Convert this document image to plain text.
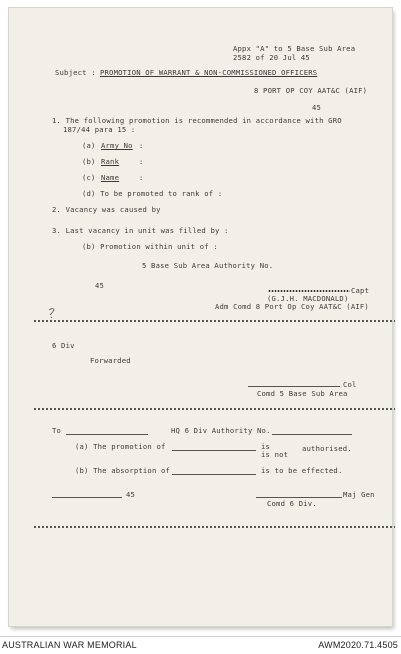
Appx "A" to 5 Base Sub Area
2582 of 20 Jul 45
Subject : PROMOTION OF WARRANT & NON-COMMISSIONED OFFICERS
8 PORT OP COY AAT&C (AIF)
45
1. The following promotion is recommended in accordance with GRO
187/44 para 15 :
(a) Army No :
(b) Rank	:
(c) Name	:
(d) To be promoted to rank of :
2. Vacancy was caused by
3. Last vacancy in unit was filled by :
(b) Promotion within unit of :
5 Base Sub Area Authority No.
45
Capt
(G.J.H. MACDONALD)
Adm Comd 8 Port Op Coy AAT&C (AIF)
6 Div
Forwarded
Col
Comd 5 Base Sub Area
To	HQ 6 Div Authority No.
(a) The promotion of	is
is not
authorised.
(b) The absorption of	is to be effected.
45	Maj Gen
Comd 6 Div.
AUSTRALIAN WAR MEMORIAL	AWM2020.71.4505
